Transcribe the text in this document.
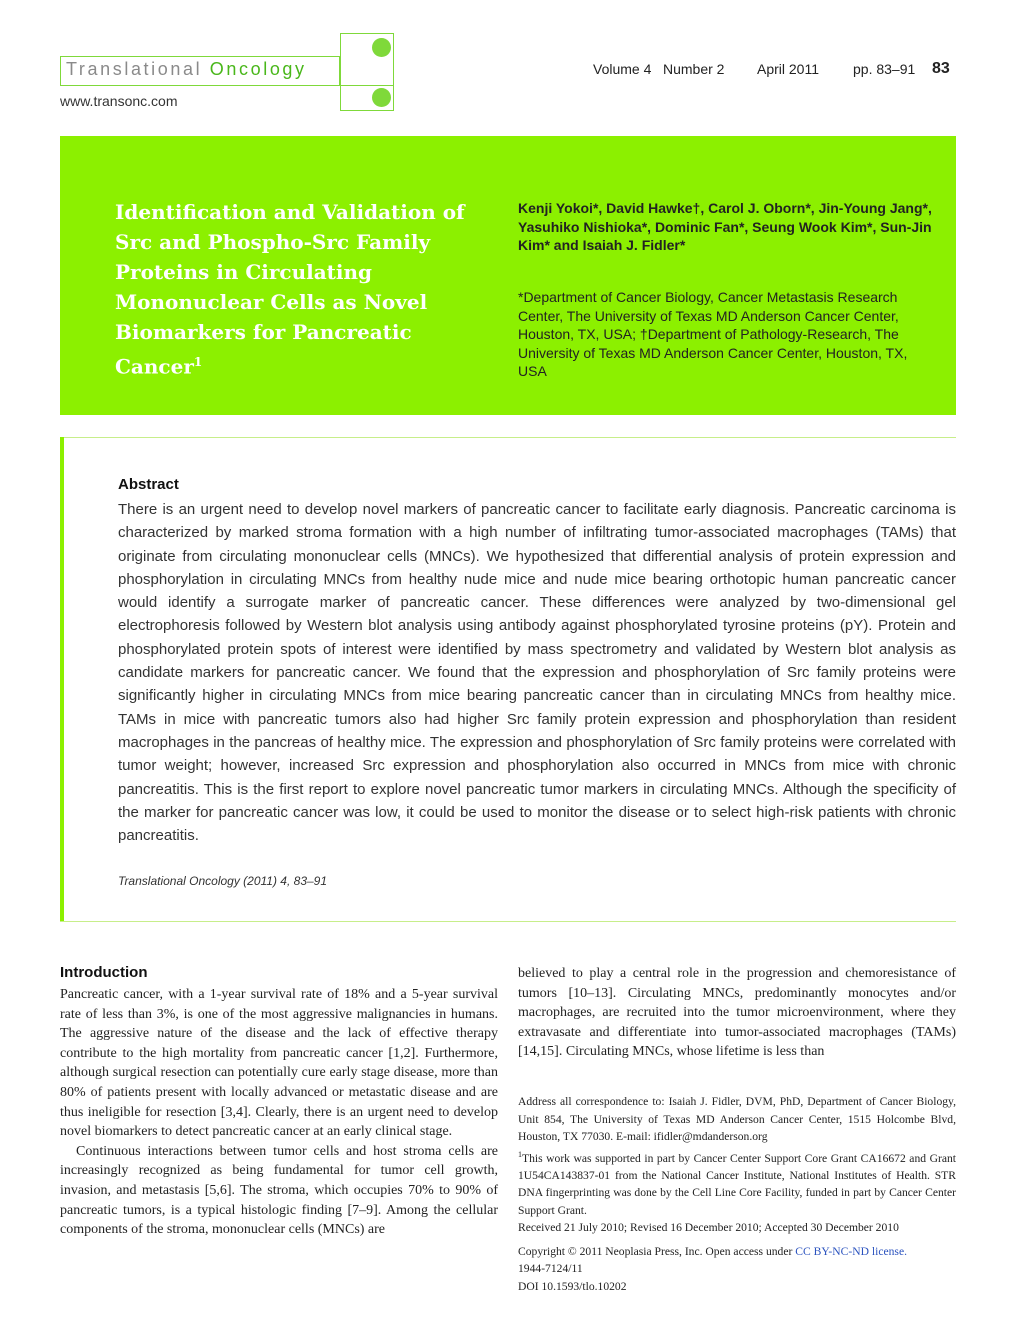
Translational Oncology
www.transonc.com
Volume 4 Number 2 April 2011 pp. 83–91 83
Identification and Validation of Src and Phospho-Src Family Proteins in Circulating Mononuclear Cells as Novel Biomarkers for Pancreatic Cancer$^1$

Kenji Yokoi*, David Hawke†, Carol J. Oborn*, Jin-Young Jang*, Yasuhiko Nishioka*, Dominic Fan*, Seung Wook Kim*, Sun-Jin Kim* and Isaiah J. Fidler*

*Department of Cancer Biology, Cancer Metastasis Research Center, The University of Texas MD Anderson Cancer Center, Houston, TX, USA; †Department of Pathology-Research, The University of Texas MD Anderson Cancer Center, Houston, TX, USA

Abstract

There is an urgent need to develop novel markers of pancreatic cancer to facilitate early diagnosis. Pancreatic carcinoma is characterized by marked stroma formation with a high number of infiltrating tumor-associated macrophages (TAMs) that originate from circulating mononuclear cells (MNCs). We hypothesized that differential analysis of protein expression and phosphorylation in circulating MNCs from healthy nude mice and nude mice bearing orthotopic human pancreatic cancer would identify a surrogate marker of pancreatic cancer. These differences were analyzed by two-dimensional gel electrophoresis followed by Western blot analysis using antibody against phosphorylated tyrosine proteins (pY). Protein and phosphorylated protein spots of interest were identified by mass spectrometry and validated by Western blot analysis as candidate markers for pancreatic cancer. We found that the expression and phosphorylation of Src family proteins were significantly higher in circulating MNCs from mice bearing pancreatic cancer than in circulating MNCs from healthy mice. TAMs in mice with pancreatic tumors also had higher Src family protein expression and phosphorylation than resident macrophages in the pancreas of healthy mice. The expression and phosphorylation of Src family proteins were correlated with tumor weight; however, increased Src expression and phosphorylation also occurred in MNCs from mice with chronic pancreatitis. This is the first report to explore novel pancreatic tumor markers in circulating MNCs. Although the specificity of the marker for pancreatic cancer was low, it could be used to monitor the disease or to select high-risk patients with chronic pancreatitis.

Translational Oncology (2011) 4, 83–91
Introduction

Pancreatic cancer, with a 1-year survival rate of 18% and a 5-year survival rate of less than 3%, is one of the most aggressive malignancies in humans. The aggressive nature of the disease and the lack of effective therapy contribute to the high mortality from pancreatic cancer [1,2]. Furthermore, although surgical resection can potentially cure early stage disease, more than 80% of patients present with locally advanced or metastatic disease and are thus ineligible for resection [3,4]. Clearly, there is an urgent need to develop novel biomarkers to detect pancreatic cancer at an early clinical stage.

Continuous interactions between tumor cells and host stroma cells are increasingly recognized as being fundamental for tumor cell growth, invasion, and metastasis [5,6]. The stroma, which occupies 70% to 90% of pancreatic tumors, is a typical histologic finding [7–9]. Among the cellular components of the stroma, mononuclear cells (MNCs) are

believed to play a central role in the progression and chemoresistance of tumors [10–13]. Circulating MNCs, predominantly monocytes and/or macrophages, are recruited into the tumor microenvironment, where they extravasate and differentiate into tumor-associated macrophages (TAMs) [14,15]. Circulating MNCs, whose lifetime is less than

Address all correspondence to: Isaiah J. Fidler, DVM, PhD, Department of Cancer Biology, Unit 854, The University of Texas MD Anderson Cancer Center, 1515 Holcombe Blvd, Houston, TX 77030. E-mail: ifidler@mdanderson.org

$^1$This work was supported in part by Cancer Center Support Core Grant CA16672 and Grant 1U54CA143837-01 from the National Cancer Institute, National Institutes of Health. STR DNA fingerprinting was done by the Cell Line Core Facility, funded in part by Cancer Center Support Grant.

Received 21 July 2010; Revised 16 December 2010; Accepted 30 December 2010

Copyright © 2011 Neoplasia Press, Inc. Open access under CC BY-NC-ND license.

1944-7124/11

DOI 10.1593/tlo.10202
